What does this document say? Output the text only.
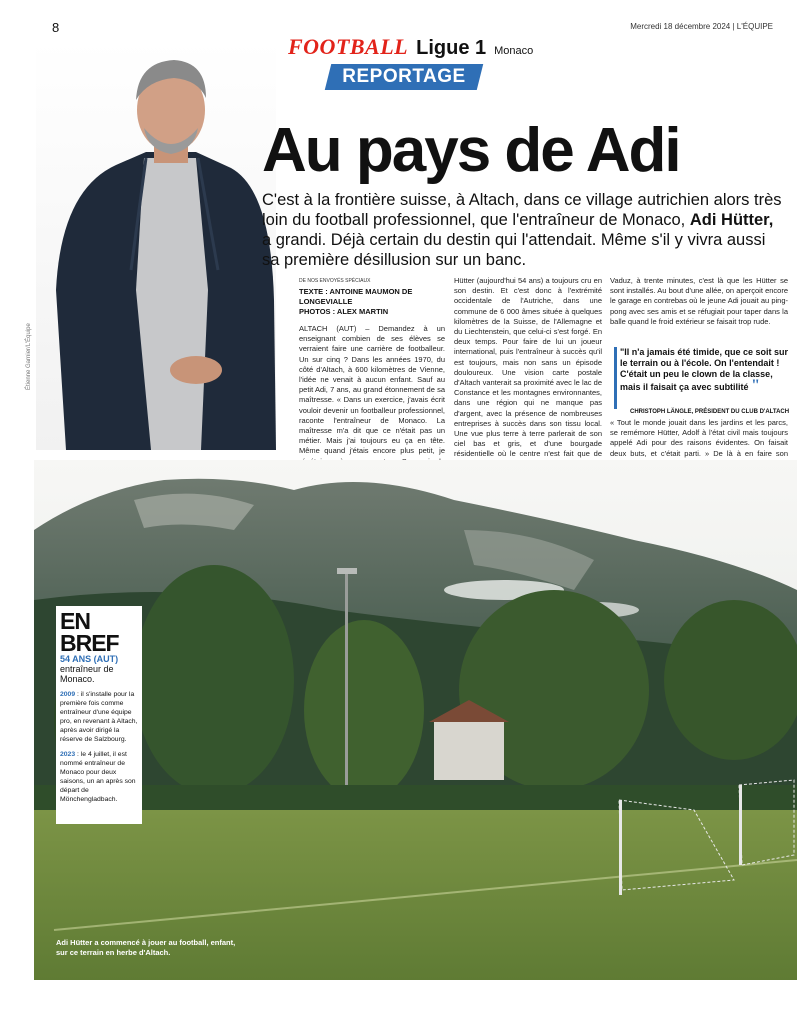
8	Mercredi 18 décembre 2024 | L'ÉQUIPE
FOOTBALL Ligue 1 Monaco
REPORTAGE
Étienne Garnier/L'Équipe
Au pays de Adi
C'est à la frontière suisse, à Altach, dans ce village autrichien alors très loin du football professionnel, que l'entraîneur de Monaco, Adi Hütter, a grandi. Déjà certain du destin qui l'attendait. Même s'il y vivra aussi sa première désillusion sur un banc.
DE NOS ENVOYÉS SPÉCIAUX
TEXTE : ANTOINE MAUMON DE LONGEVIALLE
PHOTOS : ALEX MARTIN
ALTACH (AUT) – Demandez à un enseignant combien de ses élèves se verraient faire une carrière de footballeur. Un sur cinq ? Dans les années 1970, du côté d'Altach, à 600 kilomètres de Vienne, l'idée ne venait à aucun enfant. Sauf au petit Adi, 7 ans, au grand étonnement de sa maîtresse. « Dans un exercice, j'avais écrit vouloir devenir un footballeur professionnel, raconte l'entraîneur de Monaco. La maîtresse m'a dit que ce n'était pas un métier. Mais j'ai toujours eu ça en tête. Même quand j'étais encore plus petit, je
Hütter (aujourd'hui 54 ans) a toujours cru en son destin. Et c'est donc à l'extrémité occidentale de l'Autriche, dans une commune de 6 000 âmes située à quelques kilomètres de la Suisse, de l'Allemagne et du Liechtenstein, que celui-ci s'est forgé. En deux temps. Pour faire de lui un joueur international, puis l'entraîneur à succès qu'il est toujours, mais non sans un épisode douloureux. Une vision carte postale d'Altach vanterait sa proximité avec le lac de Constance et les montagnes environnantes, dans une région qui ne manque pas d'argent, avec la présence de nombreuses entreprises à succès dans son tissu local. Une vue plus terre à terre parlerait de son ciel bas et gris, et d'une bourgade résidentielle où le centre n'est fait que de
Vaduz, à trente minutes, c'est là que les Hütter se sont installés. Au bout d'une allée, on aperçoit encore le garage en contrebas où le jeune Adi jouait au ping-pong avec ses amis et se réfugiait pour taper dans la balle quand le froid extérieur se faisait trop rude.
"Il n'a jamais été timide, que ce soit sur le terrain ou à l'école. On l'entendait ! C'était un peu le clown de la classe, mais il faisait ça avec subtilité "
CHRISTOPH LÄNGLE, PRÉSIDENT DU CLUB D'ALTACH
« Tout le monde jouait dans les jardins et les parcs, se remémore Hütter, Adolf à l'état civil mais toujours appelé Adi pour des raisons évidentes. On faisait deux buts, et c'était parti. » De là à en faire son
Adi Hütter a commencé à jouer au football, enfant, sur ce terrain en herbe d'Altach.
EN BREF
54 ANS (AUT)
entraîneur de Monaco.
2009 : il s'installe pour la première fois comme entraîneur d'une équipe pro, en revenant à Altach, après avoir dirigé la réserve de Salzbourg.
2023 : le 4 juillet, il est nommé entraîneur de Monaco pour deux saisons, un an après son départ de Mönchengladbach.
